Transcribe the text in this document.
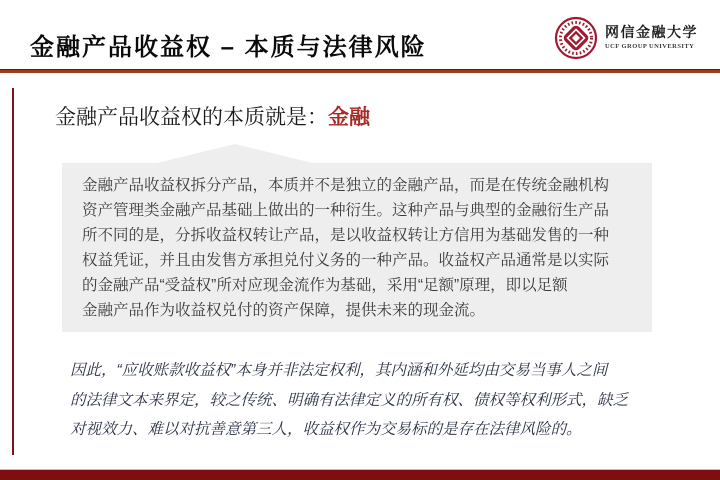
金融产品收益权 – 本质与法律风险
网信金融大学
UCF GROUP UNIVERSITY
金融产品收益权的本质就是：金融

金融产品收益权拆分产品，本质并不是独立的金融产品，而是在传统金融机构

资产管理类金融产品基础上做出的一种衍生。这种产品与典型的金融衍生产品

所不同的是，分拆收益权转让产品，是以收益权转让方信用为基础发售的一种

权益凭证，并且由发售方承担兑付义务的一种产品。收益权产品通常是以实际

的金融产品“受益权”所对应现金流作为基础，采用“足额”原理，即以足额

金融产品作为收益权兑付的资产保障，提供未来的现金流。

因此，“应收账款收益权”本身并非法定权利，其内涵和外延均由交易当事人之间

的法律文本来界定，较之传统、明确有法律定义的所有权、债权等权利形式，缺乏

对视效力、难以对抗善意第三人，收益权作为交易标的是存在法律风险的。
